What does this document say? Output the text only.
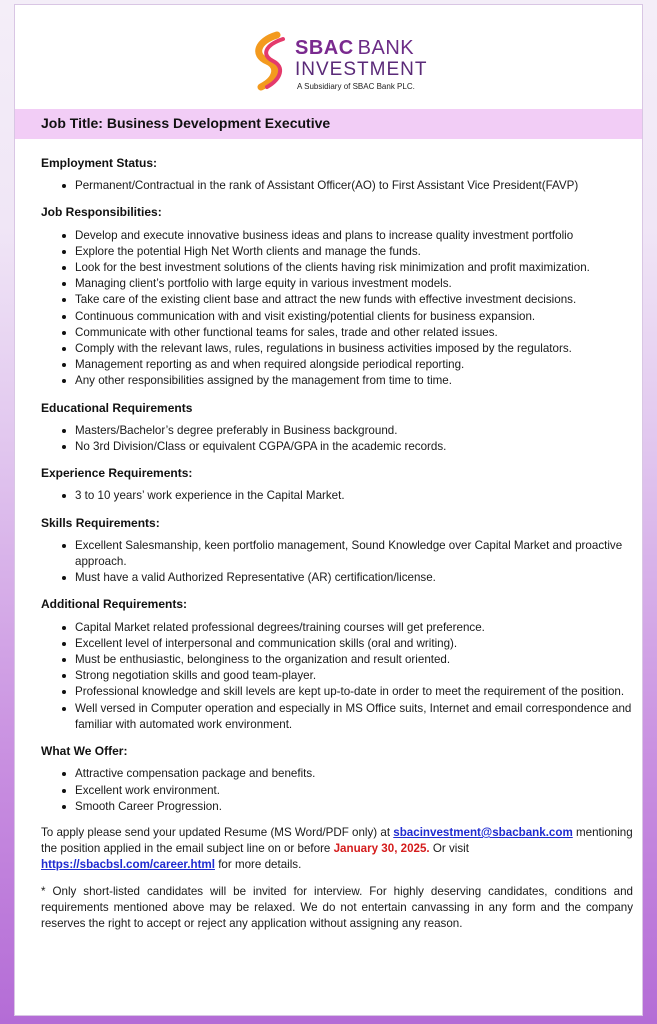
SBAC BANK
INVESTMENT
A Subsidiary of SBAC Bank PLC.
Job Title: Business Development Executive
Employment Status:
Permanent/Contractual in the rank of Assistant Officer(AO) to First Assistant Vice President(FAVP)
Job Responsibilities:
Develop and execute innovative business ideas and plans to increase quality investment portfolio
Explore the potential High Net Worth clients and manage the funds.
Look for the best investment solutions of the clients having risk minimization and profit maximization.
Managing client’s portfolio with large equity in various investment models.
Take care of the existing client base and attract the new funds with effective investment decisions.
Continuous communication with and visit existing/potential clients for business expansion.
Communicate with other functional teams for sales, trade and other related issues.
Comply with the relevant laws, rules, regulations in business activities imposed by the regulators.
Management reporting as and when required alongside periodical reporting.
Any other responsibilities assigned by the management from time to time.
Educational Requirements
Masters/Bachelor’s degree preferably in Business background.
No 3rd Division/Class or equivalent CGPA/GPA in the academic records.
Experience Requirements:
3 to 10 years’ work experience in the Capital Market.
Skills Requirements:
Excellent Salesmanship, keen portfolio management, Sound Knowledge over Capital Market and proactive approach.
Must have a valid Authorized Representative (AR) certification/license.
Additional Requirements:
Capital Market related professional degrees/training courses will get preference.
Excellent level of interpersonal and communication skills (oral and writing).
Must be enthusiastic, belonginess to the organization and result oriented.
Strong negotiation skills and good team-player.
Professional knowledge and skill levels are kept up-to-date in order to meet the requirement of the position.
Well versed in Computer operation and especially in MS Office suits, Internet and email correspondence and familiar with automated work environment.
What We Offer:
Attractive compensation package and benefits.
Excellent work environment.
Smooth Career Progression.
To apply please send your updated Resume (MS Word/PDF only) at sbacinvestment@sbacbank.com mentioning the position applied in the email subject line on or before January 30, 2025. Or visit https://sbacbsl.com/career.html for more details.
* Only short-listed candidates will be invited for interview. For highly deserving candidates, conditions and requirements mentioned above may be relaxed. We do not entertain canvassing in any form and the company reserves the right to accept or reject any application without assigning any reason.
